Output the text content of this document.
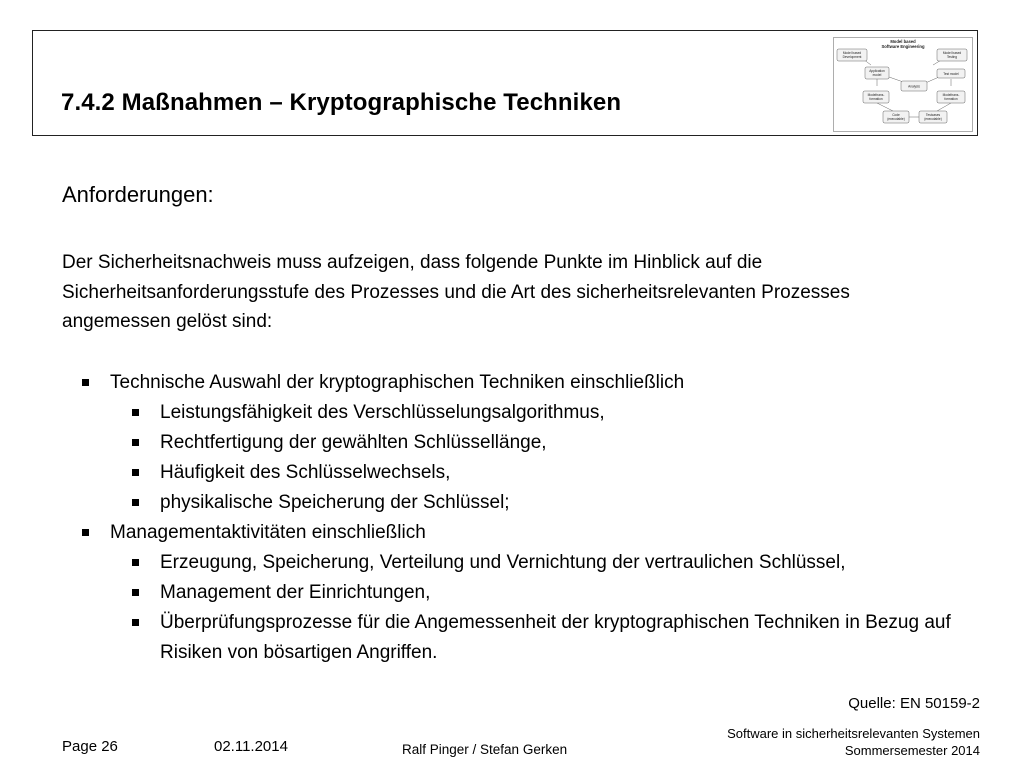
7.4.2 Maßnahmen – Kryptographische Techniken
Model based
Software Engineering
Model based
Development
Model based
Testing
Application
model	Test model
Analysis
Modeltrans-
formation
Modeltrans-
formation
Code
(executable)
Testcases
(executable)
Anforderungen:

Der Sicherheitsnachweis muss aufzeigen, dass folgende Punkte im Hinblick auf die Sicherheitsanforderungsstufe des Prozesses und die Art des sicherheitsrelevanten Prozesses angemessen gelöst sind:

Technische Auswahl der kryptographischen Techniken einschließlich
Leistungsfähigkeit des Verschlüsselungsalgorithmus,
Rechtfertigung der gewählten Schlüssellänge,
Häufigkeit des Schlüsselwechsels,
physikalische Speicherung der Schlüssel;
Managementaktivitäten einschließlich
Erzeugung, Speicherung, Verteilung und Vernichtung der vertraulichen Schlüssel,
Management der Einrichtungen,
Überprüfungsprozesse für die Angemessenheit der kryptographischen Techniken in Bezug auf Risiken von bösartigen Angriffen.

Quelle: EN 50159-2

Page 26	02.11.2014	Ralf Pinger / Stefan Gerken
Software in sicherheitsrelevanten Systemen
Sommersemester 2014
